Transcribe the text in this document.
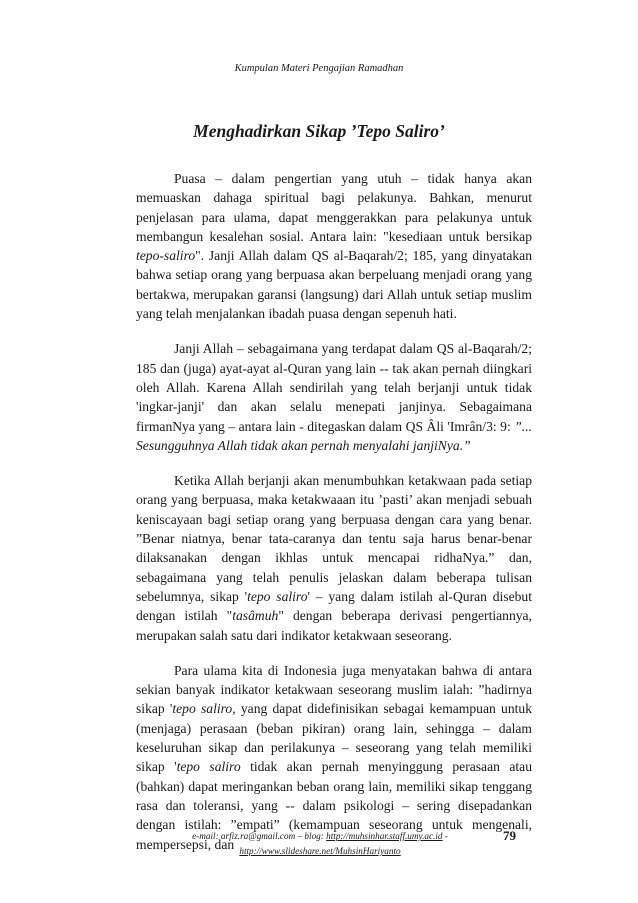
Kumpulan Materi Pengajian Ramadhan
Menghadirkan Sikap ’Tepo Saliro’

Puasa – dalam pengertian yang utuh – tidak hanya akan memuaskan dahaga spiritual bagi pelakunya. Bahkan, menurut penjelasan para ulama, dapat menggerakkan para pelakunya untuk membangun kesalehan sosial. Antara lain: "kesediaan untuk bersikap tepo-saliro". Janji Allah dalam QS al-Baqarah/2; 185, yang dinyatakan bahwa setiap orang yang berpuasa akan berpeluang menjadi orang yang bertakwa, merupakan garansi (langsung) dari Allah untuk setiap muslim yang telah menjalankan ibadah puasa dengan sepenuh hati.

Janji Allah – sebagaimana yang terdapat dalam QS al-Baqarah/2; 185 dan (juga) ayat-ayat al-Quran yang lain -- tak akan pernah diingkari oleh Allah. Karena Allah sendirilah yang telah berjanji untuk tidak 'ingkar-janji' dan akan selalu menepati janjinya. Sebagaimana firmanNya yang – antara lain - ditegaskan dalam QS Âli 'Imrân/3: 9: ”... Sesungguhnya Allah tidak akan pernah menyalahi janjiNya.”

Ketika Allah berjanji akan menumbuhkan ketakwaan pada setiap orang yang berpuasa, maka ketakwaaan itu ’pasti’ akan menjadi sebuah keniscayaan bagi setiap orang yang berpuasa dengan cara yang benar. ”Benar niatnya, benar tata-caranya dan tentu saja harus benar-benar dilaksanakan dengan ikhlas untuk mencapai ridhaNya.” dan, sebagaimana yang telah penulis jelaskan dalam beberapa tulisan sebelumnya, sikap 'tepo saliro' – yang dalam istilah al-Quran disebut dengan istilah "tasâmuh" dengan beberapa derivasi pengertiannya, merupakan salah satu dari indikator ketakwaan seseorang.

Para ulama kita di Indonesia juga menyatakan bahwa di antara sekian banyak indikator ketakwaan seseorang muslim ialah: ”hadirnya sikap 'tepo saliro, yang dapat didefinisikan sebagai kemampuan untuk (menjaga) perasaan (beban pikiran) orang lain, sehingga – dalam keseluruhan sikap dan perilakunya – seseorang yang telah memiliki sikap 'tepo saliro tidak akan pernah menyinggung perasaan atau (bahkan) dapat meringankan beban orang lain, memiliki sikap tenggang rasa dan toleransi, yang -- dalam psikologi – sering disepadankan dengan istilah: ”empati” (kemampuan seseorang untuk mengenali, mempersepsi, dan

e-mail: arfiz.ra@gmail.com – blog: http://muhsinhar.staff.umy.ac.id -
http://www.slideshare.net/MuhsinHariyanto
79
